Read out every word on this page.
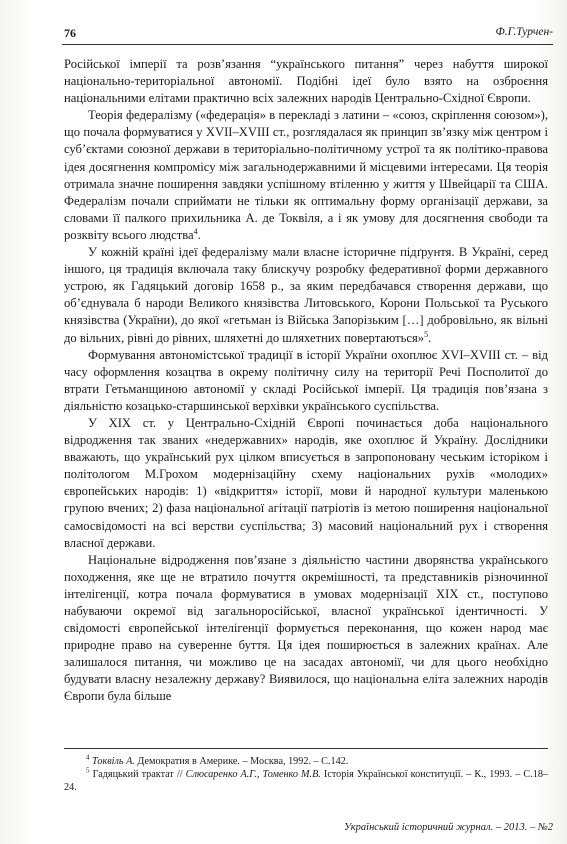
76	Ф.Г.Турчен-

Російської імперії та розв’язання “українського питання” через набуття широкої національно-територіальної автономії. Подібні ідеї було взято на озброєння національними елітами практично всіх залежних народів Центрально-Східної Європи.

Теорія федералізму («федерація» в перекладі з латини – «союз, скріплення союзом»), що почала формуватися у XVII–XVIII ст., розглядалася як принцип зв’язку між центром і суб’єктами союзної держави в територіально-політичному устрої та як політико-правова ідея досягнення компромісу між загальнодержавними й місцевими інтересами. Ця теорія отримала значне поширення завдяки успішному втіленню у життя у Швейцарії та США. Федералізм почали сприймати не тільки як оптимальну форму організації держави, за словами її палкого прихильника А. де Токвіля, а і як умову для досягнення свободи та розквіту всього людства$^4$.

У кожній країні ідеї федералізму мали власне історичне підґрунтя. В Україні, серед іншого, ця традиція включала таку блискучу розробку федеративної форми державного устрою, як Гадяцький договір 1658 р., за яким передбачався створення держави, що об’єднувала б народи Великого князівства Литовського, Корони Польської та Руського князівства (України), до якої «гетьман із Війська Запорізьким […] добровільно, як вільні до вільних, рівні до рівних, шляхетні до шляхетних повертаються»$^5$.

Формування автономістської традиції в історії України охоплює XVI–XVIII ст. – від часу оформлення козацтва в окрему політичну силу на території Речі Посполитої до втрати Гетьманщиною автономії у складі Російської імперії. Ця традиція пов’язана з діяльністю козацько-старшинської верхівки українського суспільства.

У XIX ст. у Центрально-Східній Європі починається доба національного відродження так званих «недержавних» народів, яке охоплює й Україну. Дослідники вважають, що український рух цілком вписується в запропоновану чеським історіком і політологом М.Грохом модернізаційну схему національних рухів «молодих» європейських народів: 1) «відкриття» історії, мови й народної культури маленькою групою вчених; 2) фаза національної агітації патріотів із метою поширення національної самосвідомості на всі верстви суспільства; 3) масовий національний рух і створення власної держави.

Національне відродження пов’язане з діяльністю частини дворянства українського походження, яке ще не втратило почуття окремішності, та представників різночинної інтелігенції, котра почала формуватися в умовах модернізації XIX ст., поступово набуваючи окремої від загальноросійської, власної української ідентичності. У свідомості європейської інтелігенції формується переконання, що кожен народ має природне право на суверенне буття. Ця ідея поширюється в залежних країнах. Але залишалося питання, чи можливо це на засадах автономії, чи для цього необхідно будувати власну незалежну державу? Виявилося, що національна еліта залежних народів Європи була більше

$^4$ Токвіль А. Демократия в Америке. – Москва, 1992. – С.142.

$^5$ Гадяцький трактат // Слюсаренко А.Г., Томенко М.В. Історія Української конституції. – К., 1993. – С.18–24.

Український історичний журнал. – 2013. – №2
